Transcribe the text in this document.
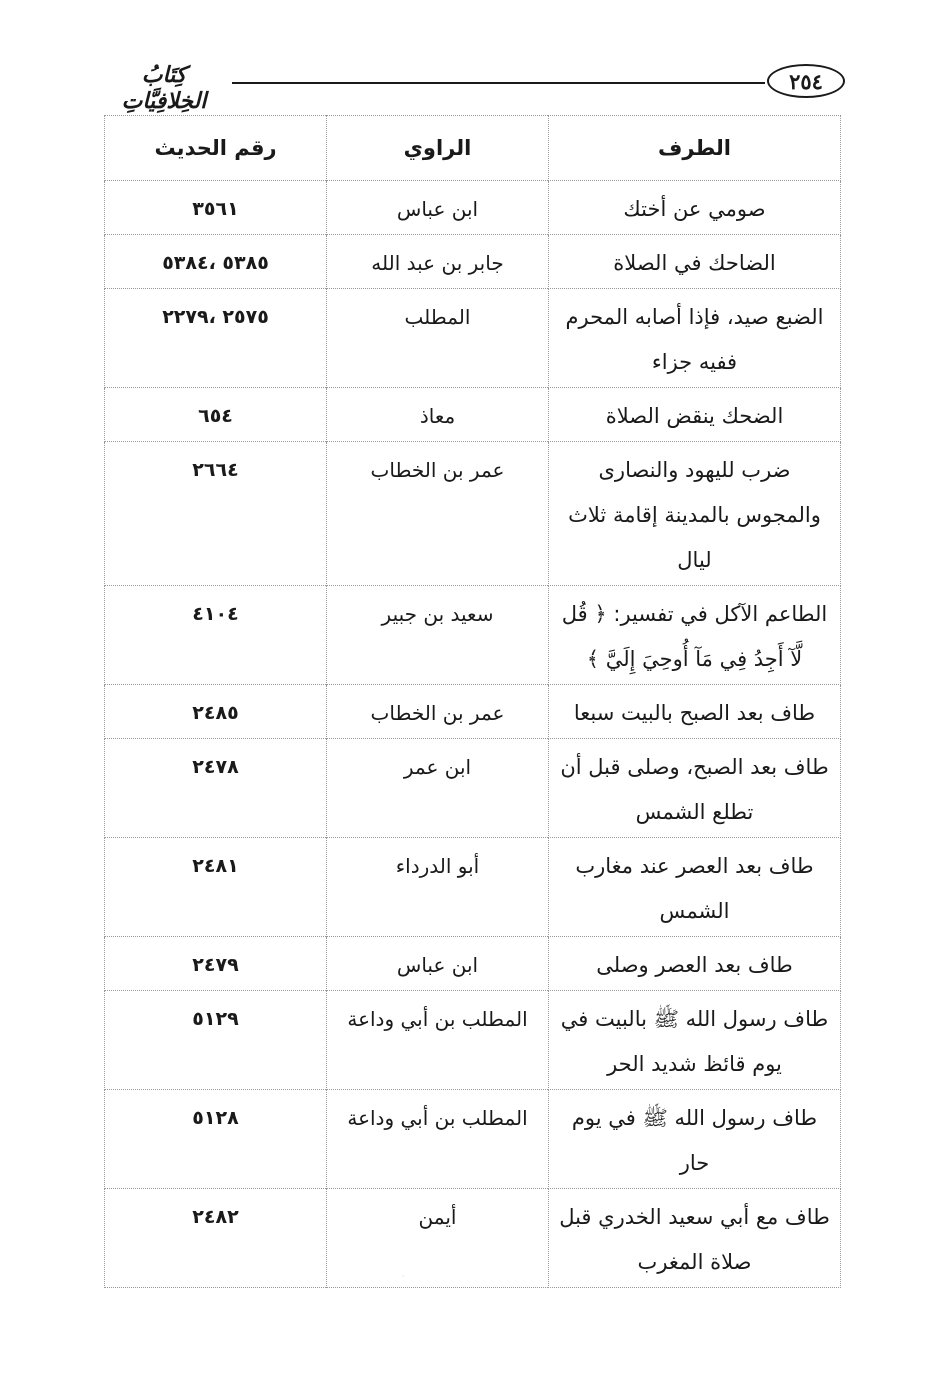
٢٥٤
كِتَابُ الخِلافِيَّاتِ
الطرف	الراوي	رقم الحديث
صومي عن أختك	ابن عباس	٣٥٦١
الضاحك في الصلاة	جابر بن عبد الله	٥٣٨٥ ،٥٣٨٤
الضبع صيد، فإذا أصابه المحرم ففيه جزاء	المطلب	٢٥٧٥ ،٢٢٧٩
الضحك ينقض الصلاة	معاذ	٦٥٤
ضرب لليهود والنصارى والمجوس بالمدينة إقامة ثلاث ليال	عمر بن الخطاب	٢٦٦٤
الطاعم الآكل في تفسير: ﴿ قُل لَّآ أَجِدُ فِي مَآ أُوحِيَ إِلَيَّ ﴾	سعيد بن جبير	٤١٠٤
طاف بعد الصبح بالبيت سبعا	عمر بن الخطاب	٢٤٨٥
طاف بعد الصبح، وصلى قبل أن تطلع الشمس	ابن عمر	٢٤٧٨
طاف بعد العصر عند مغارب الشمس	أبو الدرداء	٢٤٨١
طاف بعد العصر وصلى	ابن عباس	٢٤٧٩
طاف رسول الله ﷺ بالبيت في يوم قائظ شديد الحر	المطلب بن أبي وداعة	٥١٢٩
طاف رسول الله ﷺ في يوم حار	المطلب بن أبي وداعة	٥١٢٨
طاف مع أبي سعيد الخدري قبل صلاة المغرب	أيمن	٢٤٨٢
·
